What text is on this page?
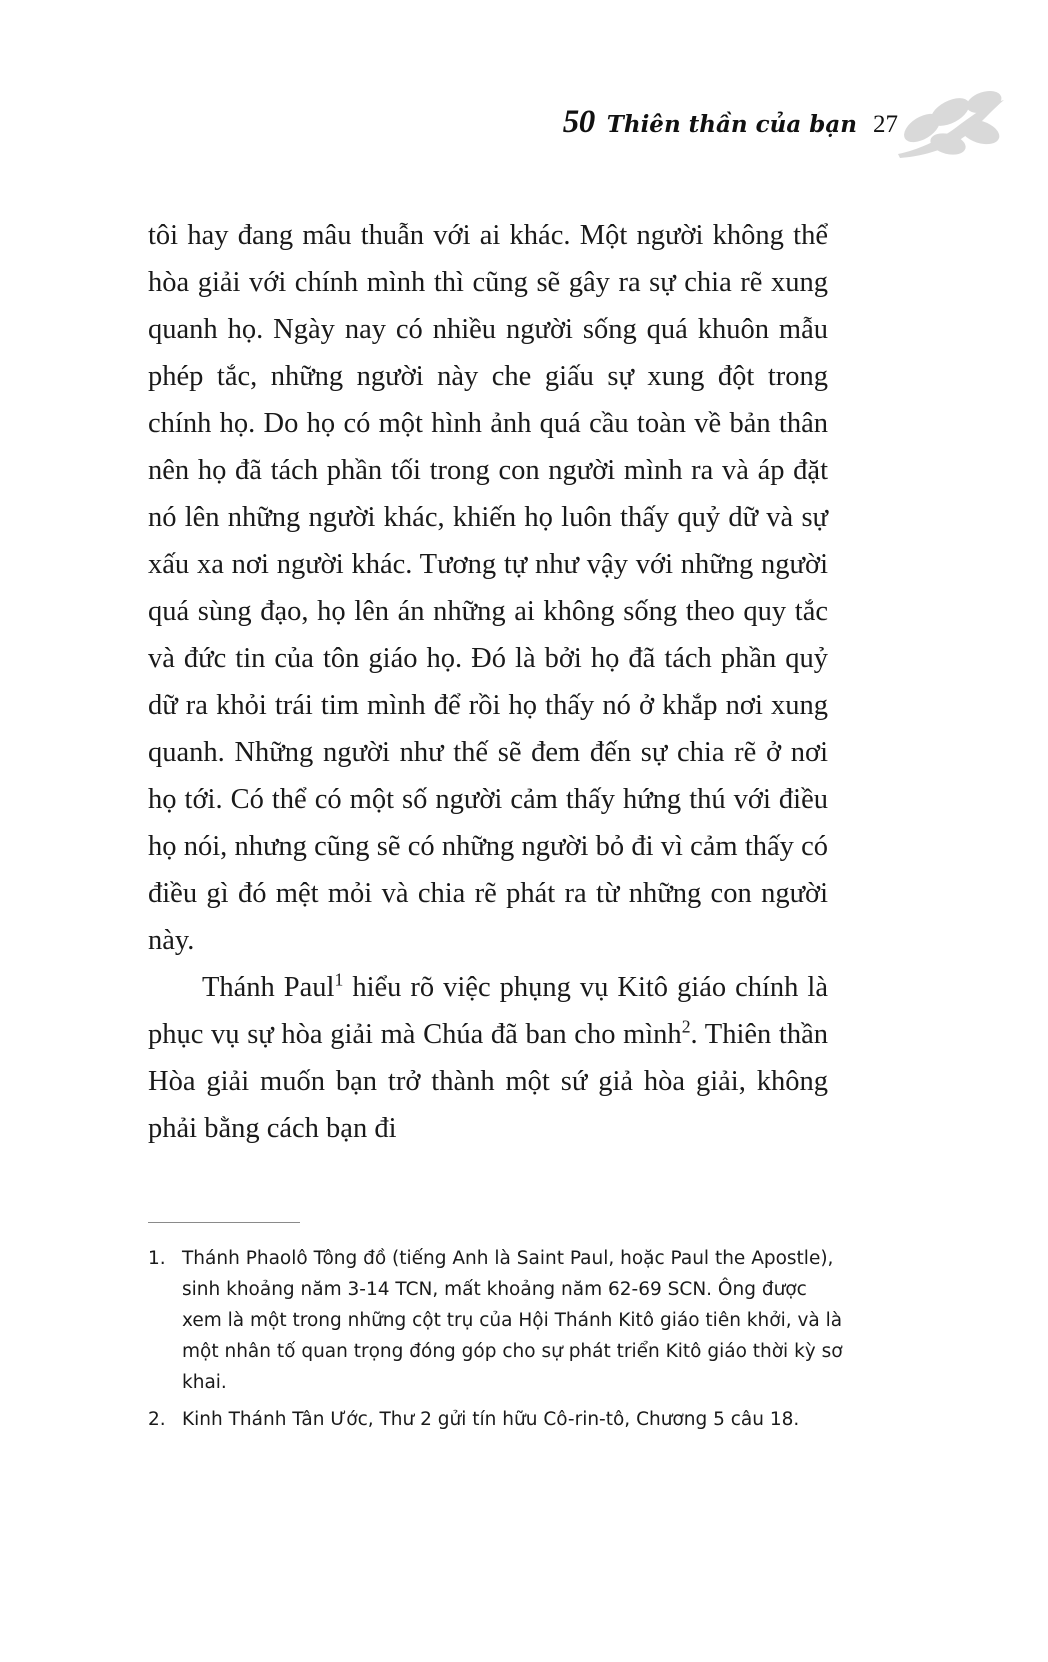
50 Thiên thần của bạn 27

tôi hay đang mâu thuẫn với ai khác. Một người không thể hòa giải với chính mình thì cũng sẽ gây ra sự chia rẽ xung quanh họ. Ngày nay có nhiều người sống quá khuôn mẫu phép tắc, những người này che giấu sự xung đột trong chính họ. Do họ có một hình ảnh quá cầu toàn về bản thân nên họ đã tách phần tối trong con người mình ra và áp đặt nó lên những người khác, khiến họ luôn thấy quỷ dữ và sự xấu xa nơi người khác. Tương tự như vậy với những người quá sùng đạo, họ lên án những ai không sống theo quy tắc và đức tin của tôn giáo họ. Đó là bởi họ đã tách phần quỷ dữ ra khỏi trái tim mình để rồi họ thấy nó ở khắp nơi xung quanh. Những người như thế sẽ đem đến sự chia rẽ ở nơi họ tới. Có thể có một số người cảm thấy hứng thú với điều họ nói, nhưng cũng sẽ có những người bỏ đi vì cảm thấy có điều gì đó mệt mỏi và chia rẽ phát ra từ những con người này.

Thánh Paul$^1$ hiểu rõ việc phụng vụ Kitô giáo chính là phục vụ sự hòa giải mà Chúa đã ban cho mình$^2$. Thiên thần Hòa giải muốn bạn trở thành một sứ giả hòa giải, không phải bằng cách bạn đi

1. Thánh Phaolô Tông đồ (tiếng Anh là Saint Paul, hoặc Paul the Apostle), sinh khoảng năm 3-14 TCN, mất khoảng năm 62-69 SCN. Ông được xem là một trong những cột trụ của Hội Thánh Kitô giáo tiên khởi, và là một nhân tố quan trọng đóng góp cho sự phát triển Kitô giáo thời kỳ sơ khai.
2. Kinh Thánh Tân Ước, Thư 2 gửi tín hữu Cô-rin-tô, Chương 5 câu 18.
